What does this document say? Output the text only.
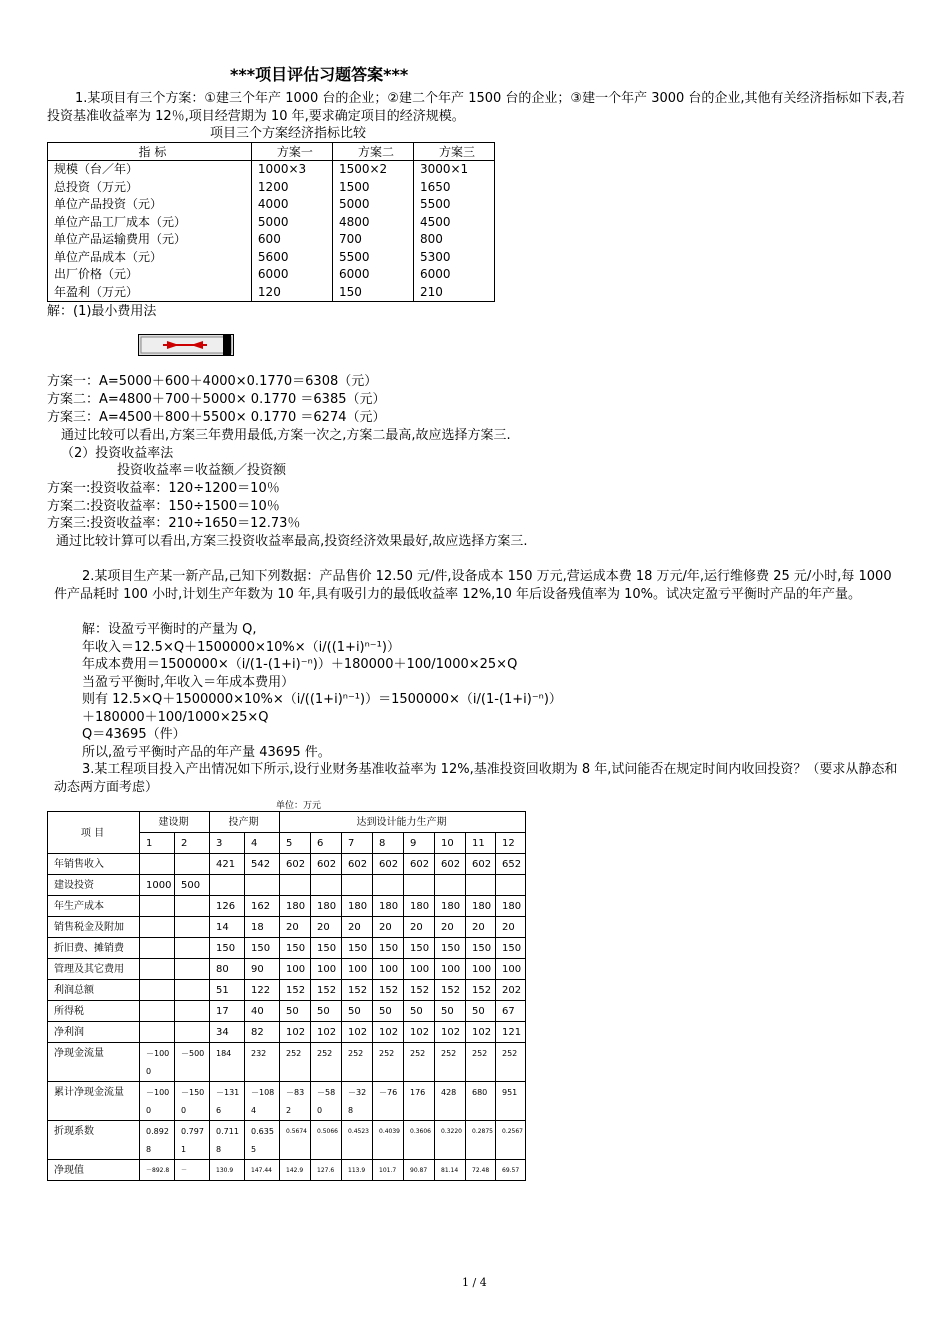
***项目评估习题答案***
1.某项目有三个方案：①建三个年产 1000 台的企业；②建二个年产 1500 台的企业；③建一个年产 3000 台的企业,其他有关经济指标如下表,若投资基准收益率为 12％,项目经营期为 10 年,要求确定项目的经济规模。
项目三个方案经济指标比较
指 标	方案一	方案二	方案三
规模（台／年）	1000×3	1500×2	3000×1
总投资（万元）	1200	1500	1650
单位产品投资（元）	4000	5000	5500
单位产品工厂成本（元）	5000	4800	4500
单位产品运输费用（元）	600	700	800
单位产品成本（元）	5600	5500	5300
出厂价格（元）	6000	6000	6000
年盈利（万元）	120	150	210
解：(1)最小费用法
方案一：A=5000＋600＋4000×0.1770＝6308（元）
方案二：A=4800＋700＋5000× 0.1770 ＝6385（元）
方案三：A=4500＋800＋5500× 0.1770 ＝6274（元）
通过比较可以看出,方案三年费用最低,方案一次之,方案二最高,故应选择方案三.
（2）投资收益率法
投资收益率＝收益额／投资额
方案一:投资收益率：120÷1200＝10％
方案二:投资收益率：150÷1500＝10％
方案三:投资收益率：210÷1650＝12.73％
通过比较计算可以看出,方案三投资收益率最高,投资经济效果最好,故应选择方案三.
2.某项目生产某一新产品,己知下列数据：产品售价 12.50 元/件,设备成本 150 万元,营运成本费 18 万元/年,运行维修费 25 元/小时,每 1000 件产品耗时 100 小时,计划生产年数为 10 年,具有吸引力的最低收益率 12%,10 年后设备残值率为 10%。试决定盈亏平衡时产品的年产量。
解：设盈亏平衡时的产量为 Q,
年收入＝12.5×Q＋1500000×10%×（i/((1+i)ⁿ⁻¹)）
年成本费用＝1500000×（i/(1-(1+i)⁻ⁿ)）＋180000＋100/1000×25×Q
当盈亏平衡时,年收入＝年成本费用）
则有 12.5×Q＋1500000×10%×（i/((1+i)ⁿ⁻¹)）＝1500000×（i/(1-(1+i)⁻ⁿ)）
＋180000＋100/1000×25×Q
Q＝43695（件）
所以,盈亏平衡时产品的年产量 43695 件。
3.某工程项目投入产出情况如下所示,设行业财务基准收益率为 12%,基准投资回收期为 8 年,试问能否在规定时间内收回投资？（要求从静态和动态两方面考虑）
单位：万元
项 目	建设期		投产期		达到设计能力生产期							
	1	2	3	4	5	6	7	8	9	10	11	12
年销售收入			421	542	602	602	602	602	602	602	602	652
建设投资	1000	500										
年生产成本			126	162	180	180	180	180	180	180	180	180
销售税金及附加			14	18	20	20	20	20	20	20	20	20
折旧费、摊销费			150	150	150	150	150	150	150	150	150	150
管理及其它费用			80	90	100	100	100	100	100	100	100	100
利润总额			51	122	152	152	152	152	152	152	152	202
所得税			17	40	50	50	50	50	50	50	50	67
净利润			34	82	102	102	102	102	102	102	102	121
净现金流量	－1000	－500	184	232	252	252	252	252	252	252	252	252
累计净现金流量	－1000	－1500	－1316	－1084	－832	－580	－328	－76	176	428	680	951
折现系数	0.8928	0.7971	0.7118	0.6355	0.5674	0.5066	0.4523	0.4039	0.3606	0.3220	0.2875	0.2567
净现值	－892.8	－	130.9	147.44	142.9	127.6	113.9	101.7	90.87	81.14	72.48	69.57
1 / 4
